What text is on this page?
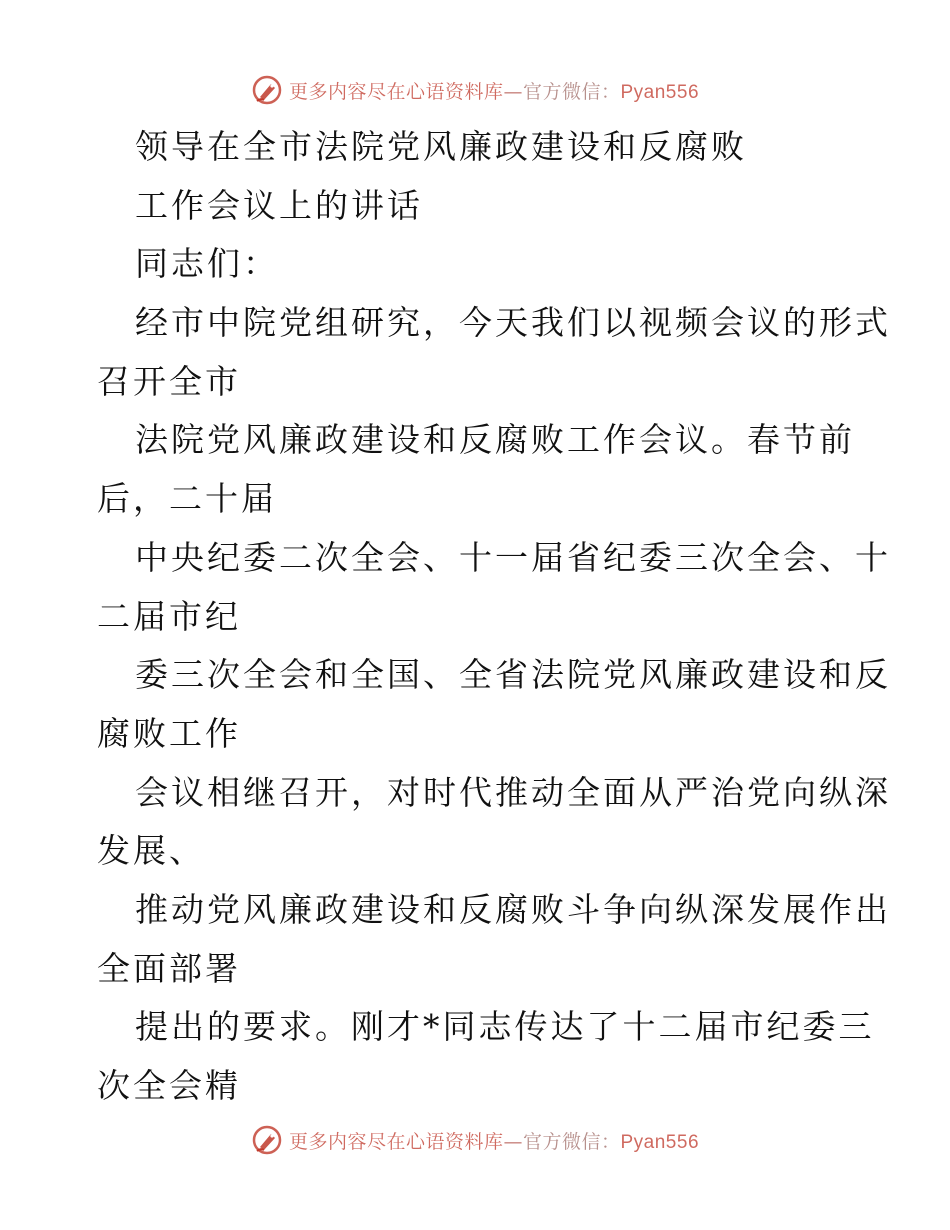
更多内容尽在心语资料库—官方微信：Pyan556
领导在全市法院党风廉政建设和反腐败
工作会议上的讲话
同志们：
经市中院党组研究，今天我们以视频会议的形式
召开全市
法院党风廉政建设和反腐败工作会议。春节前
后，二十届
中央纪委二次全会、十一届省纪委三次全会、十
二届市纪
委三次全会和全国、全省法院党风廉政建设和反
腐败工作
会议相继召开，对时代推动全面从严治党向纵深
发展、
推动党风廉政建设和反腐败斗争向纵深发展作出
全面部署
提出的要求。刚才*同志传达了十二届市纪委三
次全会精
更多内容尽在心语资料库—官方微信：Pyan556
